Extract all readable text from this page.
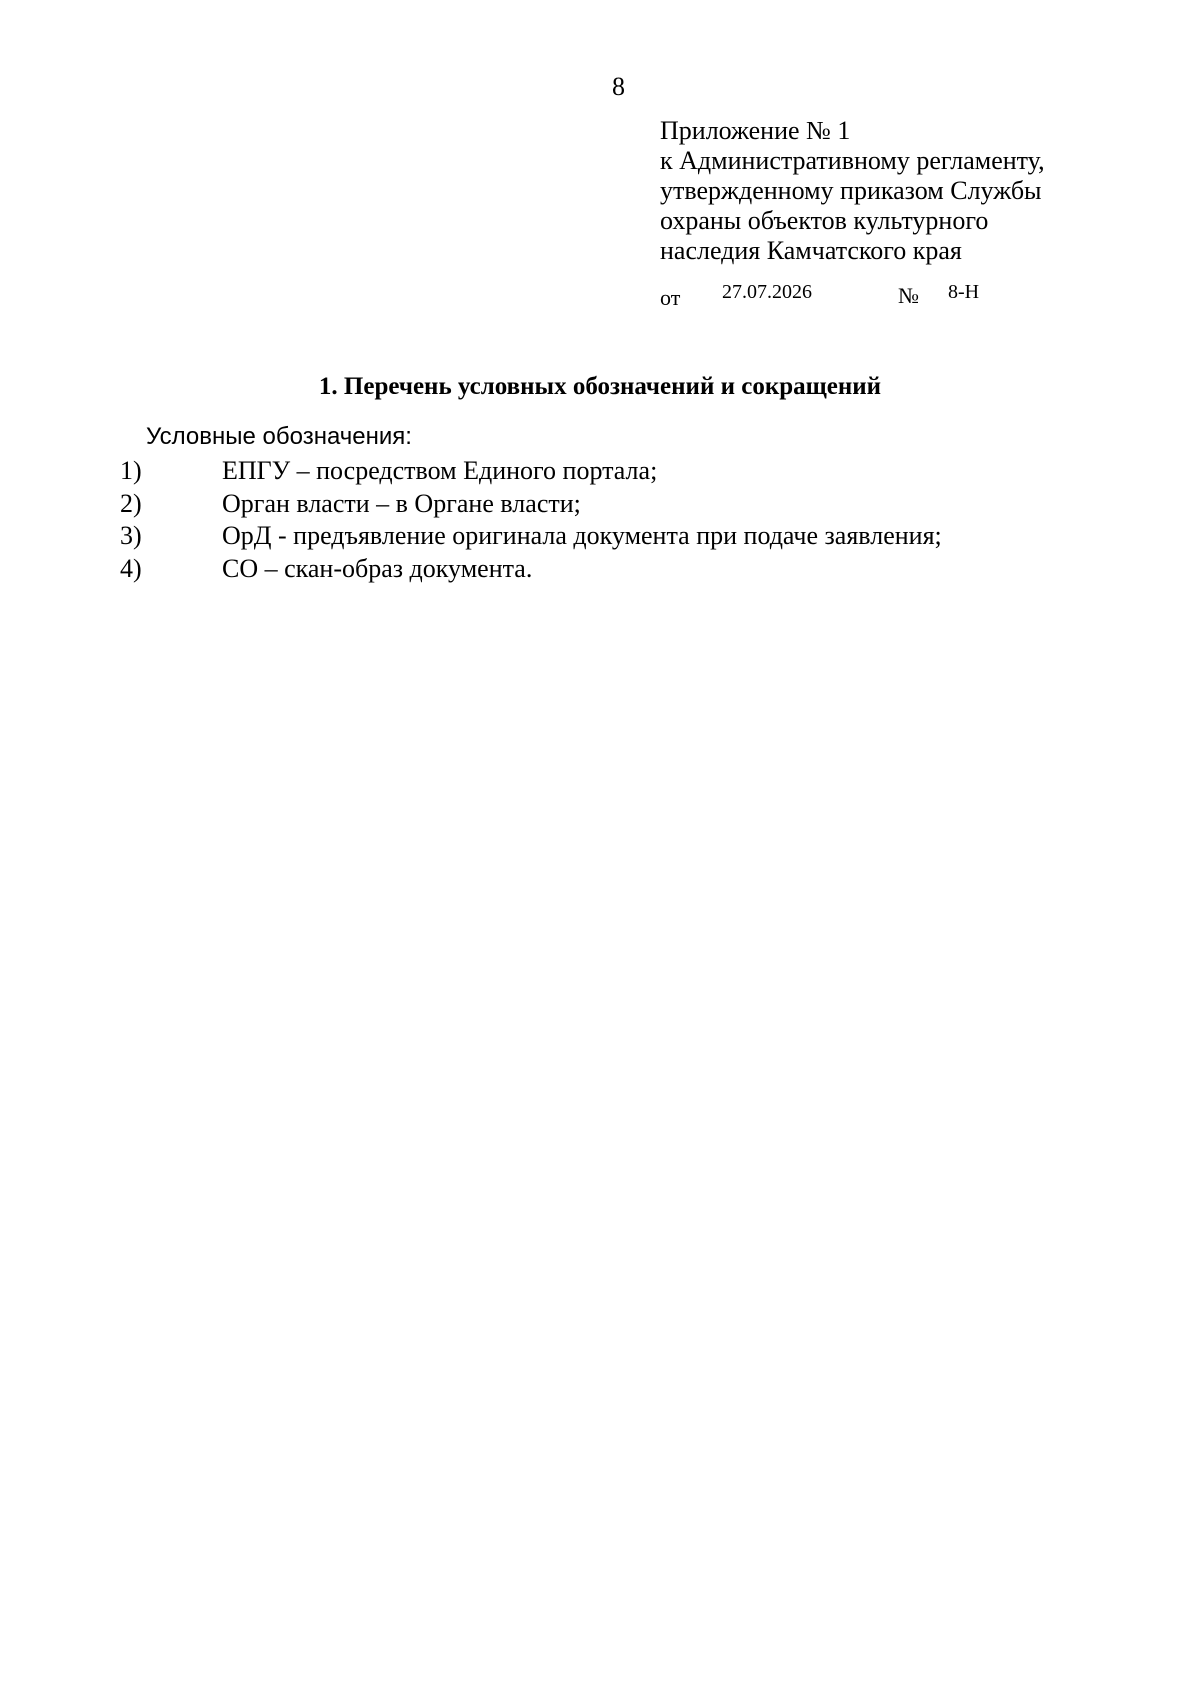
8
Приложение № 1
к Административному регламенту,
утвержденному приказом Службы
охраны объектов культурного
наследия Камчатского края
от 27.07.2026	№ 8-Н
1. Перечень условных обозначений и сокращений
Условные обозначения:
1)	ЕПГУ – посредством Единого портала;
2)	Орган власти – в Органе власти;
3)	ОрД - предъявление оригинала документа при подаче заявления;
4)	СО – скан-образ документа.
